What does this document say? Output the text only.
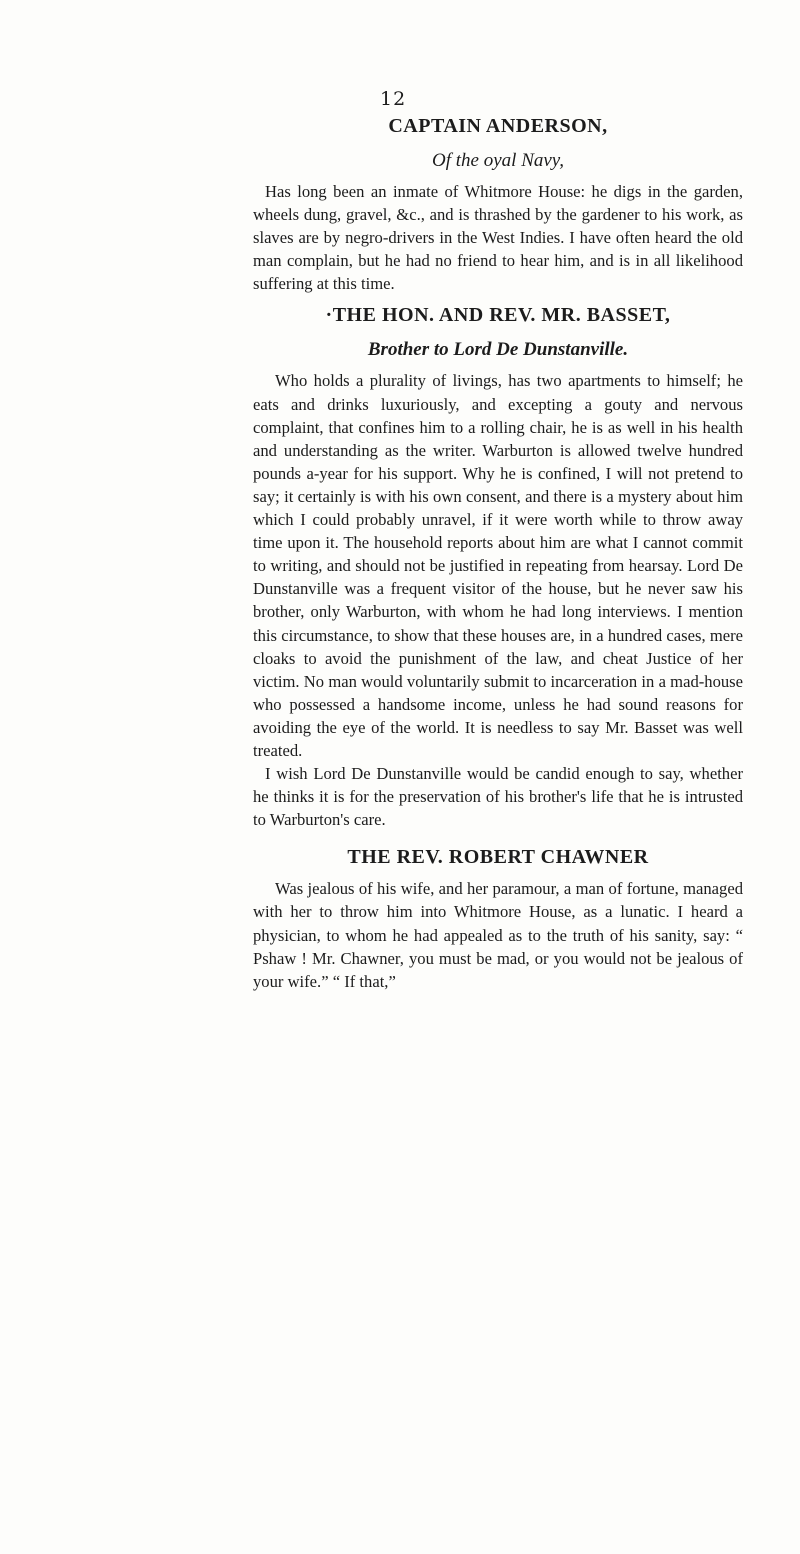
12
CAPTAIN ANDERSON,
Of the oyal Navy,

Has long been an inmate of Whitmore House: he digs in the garden, wheels dung, gravel, &c., and is thrashed by the gardener to his work, as slaves are by negro-drivers in the West Indies. I have often heard the old man complain, but he had no friend to hear him, and is in all likelihood suffering at this time.

·THE HON. AND REV. MR. BASSET,
Brother to Lord De Dunstanville.

Who holds a plurality of livings, has two apartments to himself; he eats and drinks luxuriously, and excepting a gouty and nervous complaint, that confines him to a rolling chair, he is as well in his health and understanding as the writer. Warburton is allowed twelve hundred pounds a-year for his support. Why he is confined, I will not pretend to say; it certainly is with his own consent, and there is a mystery about him which I could probably unravel, if it were worth while to throw away time upon it. The household reports about him are what I cannot commit to writing, and should not be justified in repeating from hearsay. Lord De Dunstanville was a frequent visitor of the house, but he never saw his brother, only Warburton, with whom he had long interviews. I mention this circumstance, to show that these houses are, in a hundred cases, mere cloaks to avoid the punishment of the law, and cheat Justice of her victim. No man would voluntarily submit to incarceration in a mad-house who possessed a handsome income, unless he had sound reasons for avoiding the eye of the world. It is needless to say Mr. Basset was well treated.

I wish Lord De Dunstanville would be candid enough to say, whether he thinks it is for the preservation of his brother's life that he is intrusted to Warburton's care.

THE REV. ROBERT CHAWNER

Was jealous of his wife, and her paramour, a man of fortune, managed with her to throw him into Whitmore House, as a lunatic. I heard a physician, to whom he had appealed as to the truth of his sanity, say: “ Pshaw ! Mr. Chawner, you must be mad, or you would not be jealous of your wife.” “ If that,”
